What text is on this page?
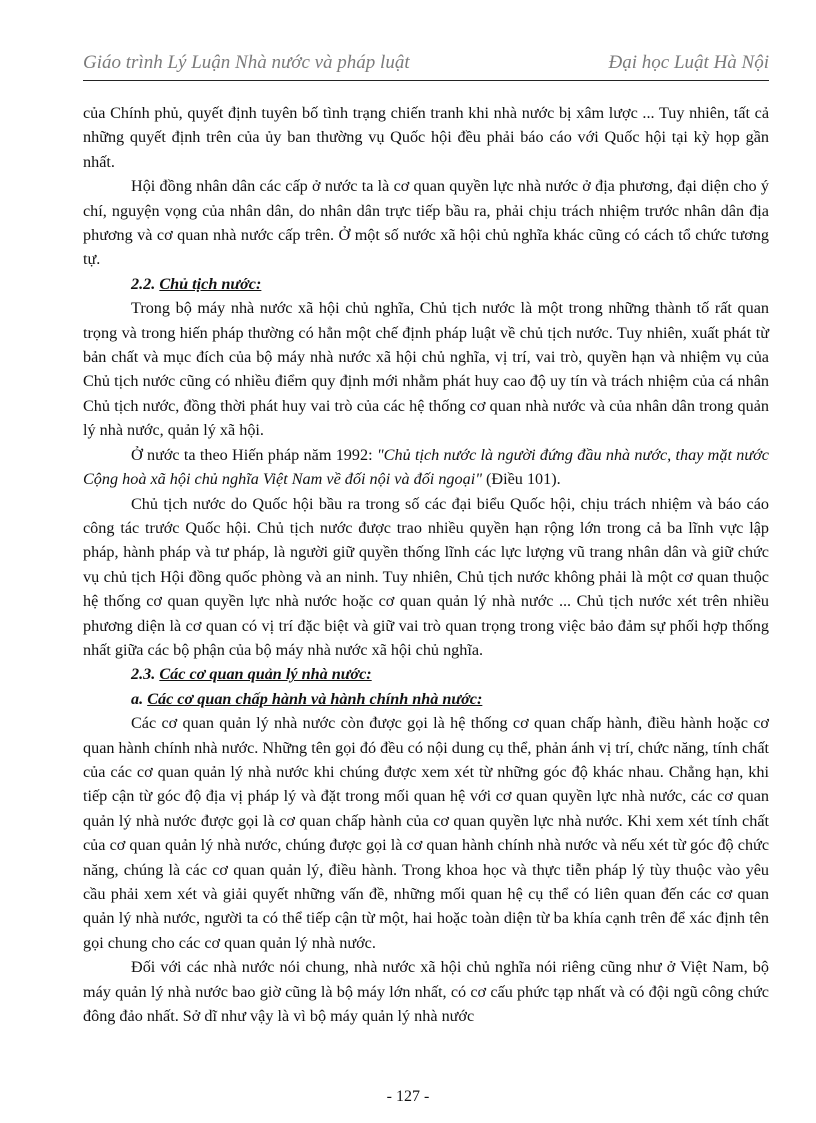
Giáo trình Lý Luận Nhà nước và pháp luật	Đại học Luật Hà Nội

của Chính phủ, quyết định tuyên bố tình trạng chiến tranh khi nhà nước bị xâm lược ... Tuy nhiên, tất cả những quyết định trên của ủy ban thường vụ Quốc hội đều phải báo cáo với Quốc hội tại kỳ họp gần nhất.

Hội đồng nhân dân các cấp ở nước ta là cơ quan quyền lực nhà nước ở địa phương, đại diện cho ý chí, nguyện vọng của nhân dân, do nhân dân trực tiếp bầu ra, phải chịu trách nhiệm trước nhân dân địa phương và cơ quan nhà nước cấp trên. Ở một số nước xã hội chủ nghĩa khác cũng có cách tổ chức tương tự.

2.2. Chủ tịch nước:

Trong bộ máy nhà nước xã hội chủ nghĩa, Chủ tịch nước là một trong những thành tố rất quan trọng và trong hiến pháp thường có hẳn một chế định pháp luật về chủ tịch nước. Tuy nhiên, xuất phát từ bản chất và mục đích của bộ máy nhà nước xã hội chủ nghĩa, vị trí, vai trò, quyền hạn và nhiệm vụ của Chủ tịch nước cũng có nhiều điểm quy định mới nhằm phát huy cao độ uy tín và trách nhiệm của cá nhân Chủ tịch nước, đồng thời phát huy vai trò của các hệ thống cơ quan nhà nước và của nhân dân trong quản lý nhà nước, quản lý xã hội.

Ở nước ta theo Hiến pháp năm 1992: "Chủ tịch nước là người đứng đầu nhà nước, thay mặt nước Cộng hoà xã hội chủ nghĩa Việt Nam về đối nội và đối ngoại" (Điều 101).

Chủ tịch nước do Quốc hội bầu ra trong số các đại biểu Quốc hội, chịu trách nhiệm và báo cáo công tác trước Quốc hội. Chủ tịch nước được trao nhiều quyền hạn rộng lớn trong cả ba lĩnh vực lập pháp, hành pháp và tư pháp, là người giữ quyền thống lĩnh các lực lượng vũ trang nhân dân và giữ chức vụ chủ tịch Hội đồng quốc phòng và an ninh. Tuy nhiên, Chủ tịch nước không phải là một cơ quan thuộc hệ thống cơ quan quyền lực nhà nước hoặc cơ quan quản lý nhà nước ... Chủ tịch nước xét trên nhiều phương diện là cơ quan có vị trí đặc biệt và giữ vai trò quan trọng trong việc bảo đảm sự phối hợp thống nhất giữa các bộ phận của bộ máy nhà nước xã hội chủ nghĩa.

2.3. Các cơ quan quản lý nhà nước:

a. Các cơ quan chấp hành và hành chính nhà nước:

Các cơ quan quản lý nhà nước còn được gọi là hệ thống cơ quan chấp hành, điều hành hoặc cơ quan hành chính nhà nước. Những tên gọi đó đều có nội dung cụ thể, phản ánh vị trí, chức năng, tính chất của các cơ quan quản lý nhà nước khi chúng được xem xét từ những góc độ khác nhau. Chẳng hạn, khi tiếp cận từ góc độ địa vị pháp lý và đặt trong mối quan hệ với cơ quan quyền lực nhà nước, các cơ quan quản lý nhà nước được gọi là cơ quan chấp hành của cơ quan quyền lực nhà nước. Khi xem xét tính chất của cơ quan quản lý nhà nước, chúng được gọi là cơ quan hành chính nhà nước và nếu xét từ góc độ chức năng, chúng là các cơ quan quản lý, điều hành. Trong khoa học và thực tiễn pháp lý tùy thuộc vào yêu cầu phải xem xét và giải quyết những vấn đề, những mối quan hệ cụ thể có liên quan đến các cơ quan quản lý nhà nước, người ta có thể tiếp cận từ một, hai hoặc toàn diện từ ba khía cạnh trên để xác định tên gọi chung cho các cơ quan quản lý nhà nước.

Đối với các nhà nước nói chung, nhà nước xã hội chủ nghĩa nói riêng cũng như ở Việt Nam, bộ máy quản lý nhà nước bao giờ cũng là bộ máy lớn nhất, có cơ cấu phức tạp nhất và có đội ngũ công chức đông đảo nhất. Sở dĩ như vậy là vì bộ máy quản lý nhà nước

- 127 -
